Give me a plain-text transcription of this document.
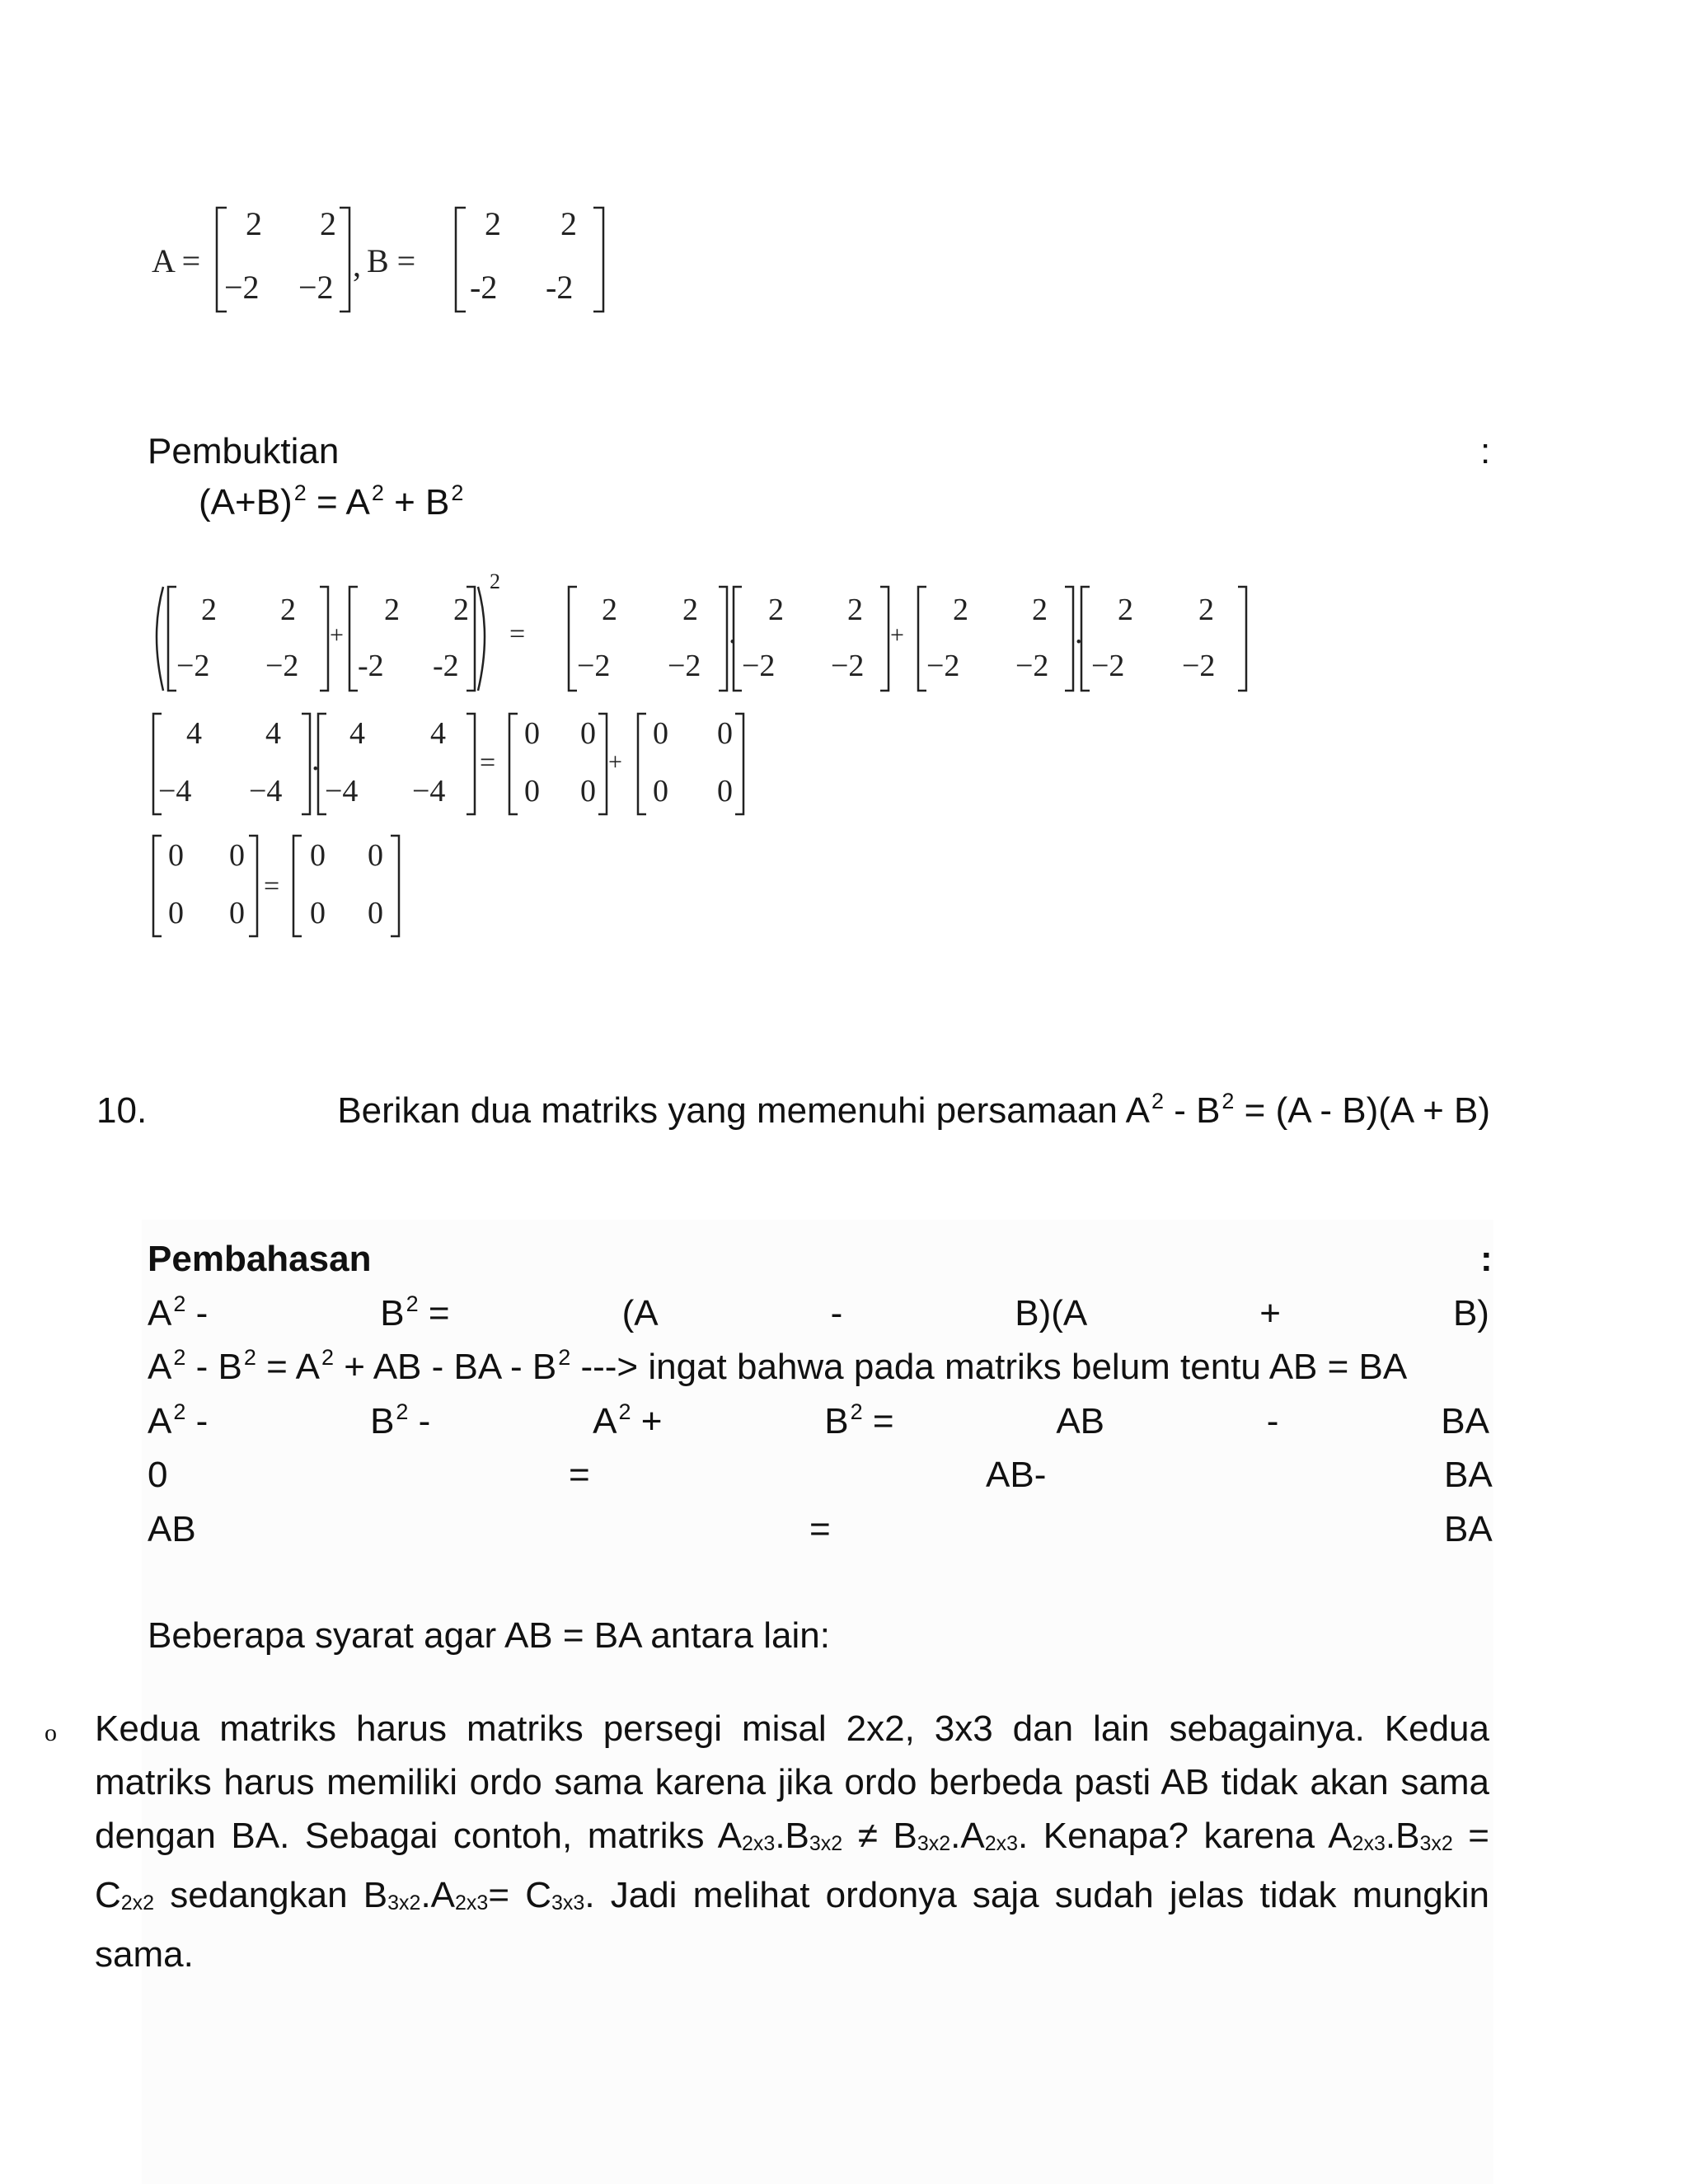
A =
2 2
−2 −2
, B =
2 2
-2 -2
Pembuktian	:
$(A+B)^2 = A^2 + B^2$
2 2
−2 −2
+
2 2
-2 -2
2
=
2 2
−2 −2
.
2 2
−2 −2
+
2 2
−2 −2
.
2 2
−2 −2
4 4
−4 −4
.
4 4
−4 −4
=
0 0
0 0
+
0 0
0 0
0 0
0 0
=
0 0
0 0
10.	Berikan dua matriks yang memenuhi persamaan $A^2 - B^2 = (A - B)(A + B)$
Pembahasan	:
$A^2$ -	$B^2$ =	(A	-	B)(A	+	B)
$A^2 - B^2 = A^2$ + AB - BA - $B^2$ ---> ingat bahwa pada matriks belum tentu AB = BA
$A^2$ -	$B^2$ -	$A^2$ +	$B^2$ =	AB	-	BA
0	=	AB-	BA
AB	=	BA
Beberapa syarat agar AB = BA antara lain:
o Kedua matriks harus matriks persegi misal 2x2, 3x3 dan lain sebagainya. Kedua matriks harus memiliki ordo sama karena jika ordo berbeda pasti AB tidak akan sama dengan BA. Sebagai contoh, matriks $A_{2x3}.B_{3x2} \ne B_{3x2}.A_{2x3}$. Kenapa? karena $A_{2x3}.B_{3x2} = C_{2x2}$ sedangkan $B_{3x2}.A_{2x3}= C_{3x3}$. Jadi melihat ordonya saja sudah jelas tidak mungkin sama.
